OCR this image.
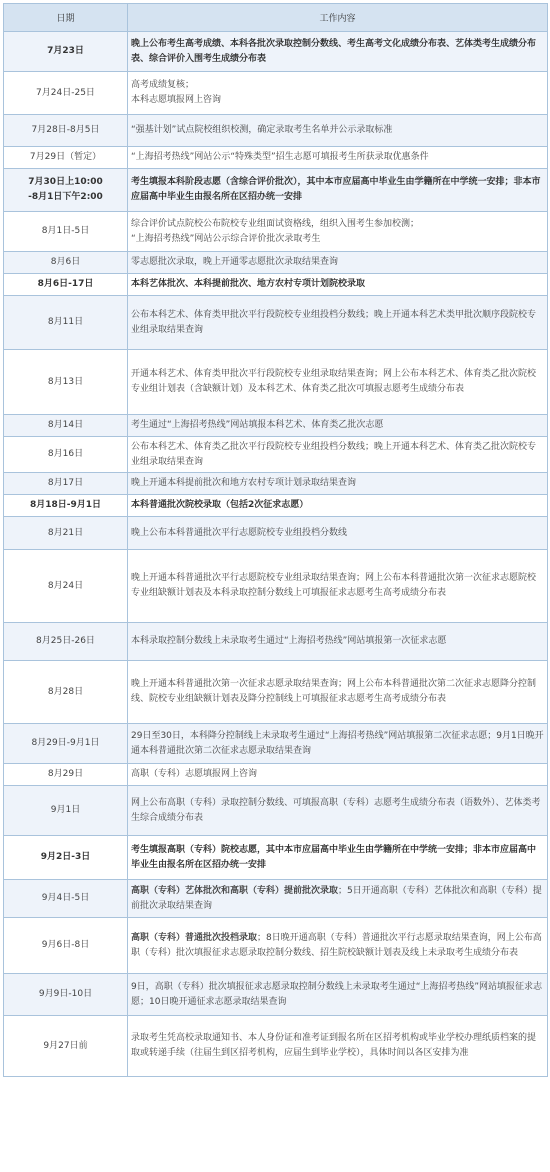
日期	工作内容

7月23日	晚上公布考生高考成绩、本科各批次录取控制分数线、考生高考文化成绩分布表、艺体类考生成绩分布表、综合评价入围考生成绩分布表

7月24日-25日	高考成绩复核；
本科志愿填报网上咨询

7月28日-8月5日	“强基计划”试点院校组织校测，确定录取考生名单并公示录取标准

7月29日（暂定）	“上海招考热线”网站公示“特殊类型”招生志愿可填报考生所获录取优惠条件

7月30日上10:00
-8月1日下午2:00	考生填报本科阶段志愿（含综合评价批次），其中本市应届高中毕业生由学籍所在中学统一安排；非本市应届高中毕业生由报名所在区招办统一安排

8月1日-5日	综合评价试点院校公布院校专业组面试资格线，组织入围考生参加校测；
“上海招考热线”网站公示综合评价批次录取考生

8月6日	零志愿批次录取，晚上开通零志愿批次录取结果查询

8月6日-17日	本科艺体批次、本科提前批次、地方农村专项计划院校录取

8月11日	公布本科艺术、体育类甲批次平行段院校专业组投档分数线；晚上开通本科艺术类甲批次顺序段院校专业组录取结果查询

8月13日	开通本科艺术、体育类甲批次平行段院校专业组录取结果查询；网上公布本科艺术、体育类乙批次院校专业组计划表（含缺额计划）及本科艺术、体育类乙批次可填报志愿考生成绩分布表

8月14日	考生通过“上海招考热线”网站填报本科艺术、体育类乙批次志愿

8月16日	公布本科艺术、体育类乙批次平行段院校专业组投档分数线；晚上开通本科艺术、体育类乙批次院校专业组录取结果查询

8月17日	晚上开通本科提前批次和地方农村专项计划录取结果查询

8月18日-9月1日	本科普通批次院校录取（包括2次征求志愿）

8月21日	晚上公布本科普通批次平行志愿院校专业组投档分数线

8月24日	晚上开通本科普通批次平行志愿院校专业组录取结果查询；网上公布本科普通批次第一次征求志愿院校专业组缺额计划表及本科录取控制分数线上可填报征求志愿考生高考成绩分布表

8月25日-26日	本科录取控制分数线上未录取考生通过“上海招考热线”网站填报第一次征求志愿

8月28日	晚上开通本科普通批次第一次征求志愿录取结果查询；网上公布本科普通批次第二次征求志愿降分控制线、院校专业组缺额计划表及降分控制线上可填报征求志愿考生高考成绩分布表

8月29日-9月1日	29日至30日，本科降分控制线上未录取考生通过“上海招考热线”网站填报第二次征求志愿；9月1日晚开通本科普通批次第二次征求志愿录取结果查询

8月29日	高职（专科）志愿填报网上咨询

9月1日	网上公布高职（专科）录取控制分数线、可填报高职（专科）志愿考生成绩分布表（语数外）、艺体类考生综合成绩分布表

9月2日-3日	考生填报高职（专科）院校志愿，其中本市应届高中毕业生由学籍所在中学统一安排；非本市应届高中毕业生由报名所在区招办统一安排

9月4日-5日	高职（专科）艺体批次和高职（专科）提前批次录取；5日开通高职（专科）艺体批次和高职（专科）提前批次录取结果查询

9月6日-8日	高职（专科）普通批次投档录取；8日晚开通高职（专科）普通批次平行志愿录取结果查询，网上公布高职（专科）批次填报征求志愿录取控制分数线、招生院校缺额计划表及线上未录取考生成绩分布表

9月9日-10日	9日，高职（专科）批次填报征求志愿录取控制分数线上未录取考生通过“上海招考热线”网站填报征求志愿；10日晚开通征求志愿录取结果查询

9月27日前	录取考生凭高校录取通知书、本人身份证和准考证到报名所在区招考机构或毕业学校办理纸质档案的提取或转递手续（往届生到区招考机构，应届生到毕业学校），具体时间以各区安排为准
